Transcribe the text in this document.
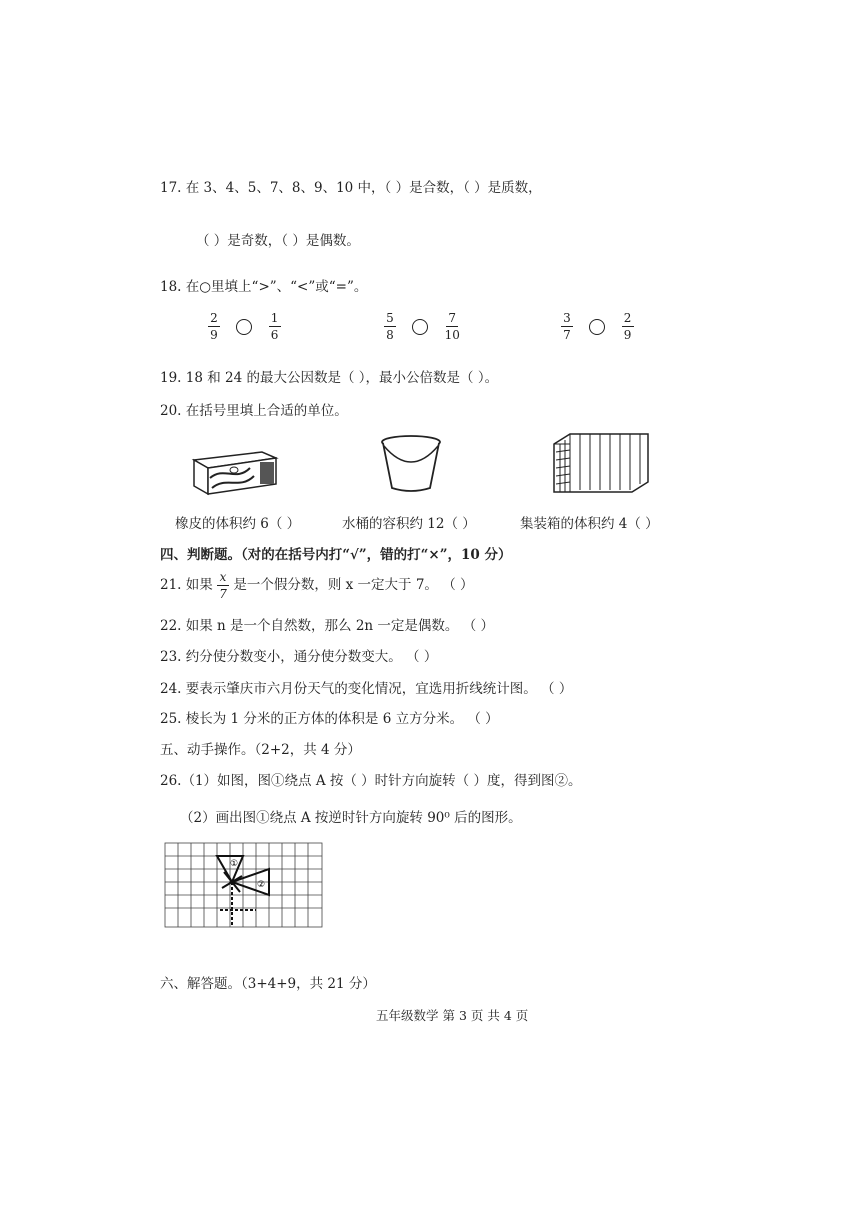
17. 在 3、4、5、7、8、9、10 中，（ ）是合数，（ ）是质数，
（ ）是奇数，（ ）是偶数。
18. 在○里填上“>”、“<”或“=”。
$\frac{2}{9}$
	$\frac{1}{6}$	$\frac{5}{8}$
	$\frac{7}{10}$	$\frac{3}{7}$
	$\frac{2}{9}$
19. 18 和 24 的最大公因数是（ ），最小公倍数是（ ）。
20. 在括号里填上合适的单位。
橡皮的体积约 6（ ）	水桶的容积约 12（ ）	集装箱的体积约 4（ ）
四、判断题。（对的在括号内打“√”，错的打“×”，10 分）
21. 如果 $\frac{x}{7}$ 是一个假分数，则 x 一定大于 7。 （ ）
22. 如果 n 是一个自然数，那么 2n 一定是偶数。 （ ）
23. 约分使分数变小，通分使分数变大。 （ ）
24. 要表示肇庆市六月份天气的变化情况，宜选用折线统计图。 （ ）
25. 棱长为 1 分米的正方体的体积是 6 立方分米。 （ ）
五、动手操作。（2+2，共 4 分）
26.（1）如图，图①绕点 A 按（ ）时针方向旋转（ ）度，得到图②。
（2）画出图①绕点 A 按逆时针方向旋转 90⁰ 后的图形。
①
②
六、解答题。（3+4+9，共 21 分）
五年级数学 第 3 页 共 4 页
